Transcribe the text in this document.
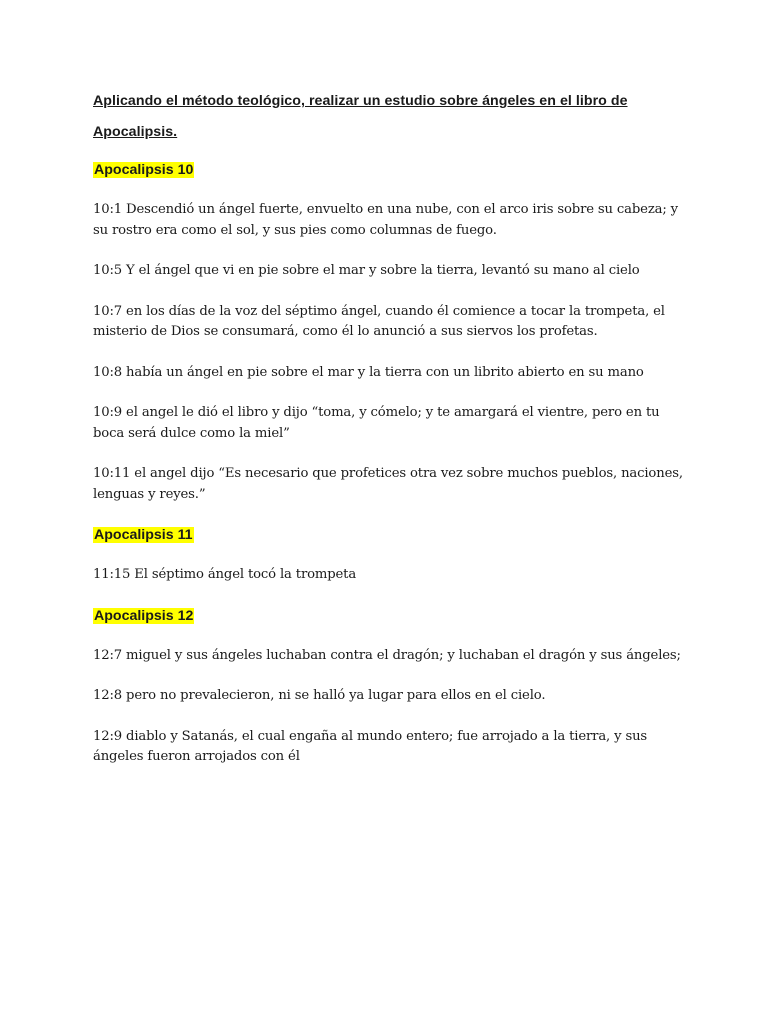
Aplicando el método teológico, realizar un estudio sobre ángeles en el libro de Apocalipsis.

Apocalipsis 10

10:1 Descendió un ángel fuerte, envuelto en una nube, con el arco iris sobre su cabeza; y su rostro era como el sol, y sus pies como columnas de fuego.

10:5 Y el ángel que vi en pie sobre el mar y sobre la tierra, levantó su mano al cielo

10:7 en los días de la voz del séptimo ángel, cuando él comience a tocar la trompeta, el misterio de Dios se consumará, como él lo anunció a sus siervos los profetas.

10:8 había un ángel en pie sobre el mar y la tierra con un librito abierto en su mano

10:9 el angel le dió el libro y dijo “toma, y cómelo; y te amargará el vientre, pero en tu boca será dulce como la miel”

10:11 el angel dijo “Es necesario que profetices otra vez sobre muchos pueblos, naciones, lenguas y reyes.”

Apocalipsis 11

11:15 El séptimo ángel tocó la trompeta

Apocalipsis 12

12:7 miguel y sus ángeles luchaban contra el dragón; y luchaban el dragón y sus ángeles;

12:8 pero no prevalecieron, ni se halló ya lugar para ellos en el cielo.

12:9 diablo y Satanás, el cual engaña al mundo entero; fue arrojado a la tierra, y sus ángeles fueron arrojados con él
